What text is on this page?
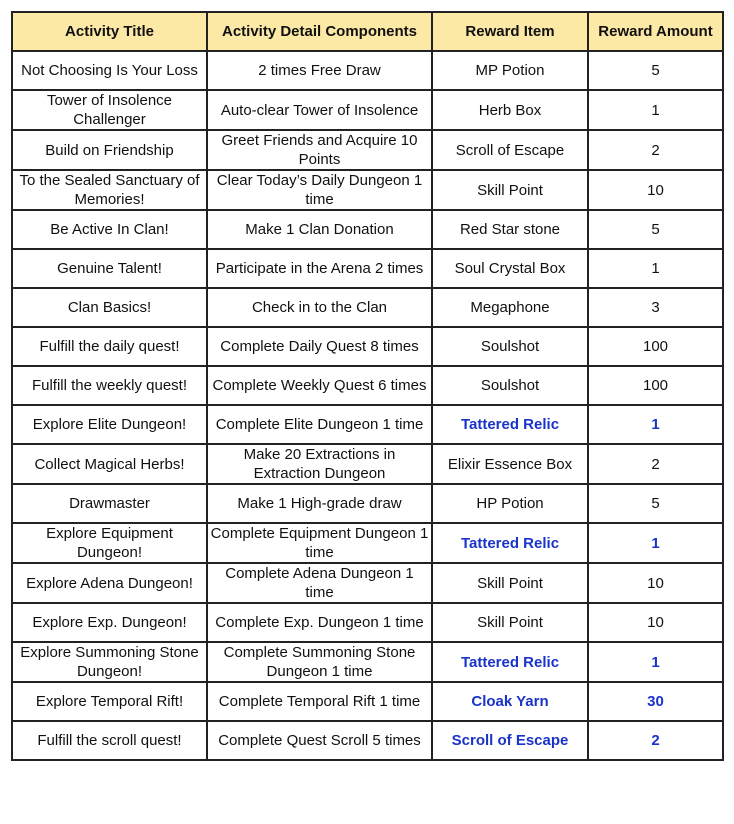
Activity Title	Activity Detail Components	Reward Item	Reward Amount
Not Choosing Is Your Loss	2 times Free Draw	MP Potion	5
Tower of Insolence Challenger	Auto-clear Tower of Insolence	Herb Box	1
Build on Friendship	Greet Friends and Acquire 10 Points	Scroll of Escape	2
To the Sealed Sanctuary of Memories!	Clear Today’s Daily Dungeon 1 time	Skill Point	10
Be Active In Clan!	Make 1 Clan Donation	Red Star stone	5
Genuine Talent!	Participate in the Arena 2 times	Soul Crystal Box	1
Clan Basics!	Check in to the Clan	Megaphone	3
Fulfill the daily quest!	Complete Daily Quest 8 times	Soulshot	100
Fulfill the weekly quest!	Complete Weekly Quest 6 times	Soulshot	100
Explore Elite Dungeon!	Complete Elite Dungeon 1 time	Tattered Relic	1
Collect Magical Herbs!	Make 20 Extractions in Extraction Dungeon	Elixir Essence Box	2
Drawmaster	Make 1 High-grade draw	HP Potion	5
Explore Equipment Dungeon!	Complete Equipment Dungeon 1 time	Tattered Relic	1
Explore Adena Dungeon!	Complete Adena Dungeon 1 time	Skill Point	10
Explore Exp. Dungeon!	Complete Exp. Dungeon 1 time	Skill Point	10
Explore Summoning Stone Dungeon!	Complete Summoning Stone Dungeon 1 time	Tattered Relic	1
Explore Temporal Rift!	Complete Temporal Rift 1 time	Cloak Yarn	30
Fulfill the scroll quest!	Complete Quest Scroll 5 times	Scroll of Escape	2
